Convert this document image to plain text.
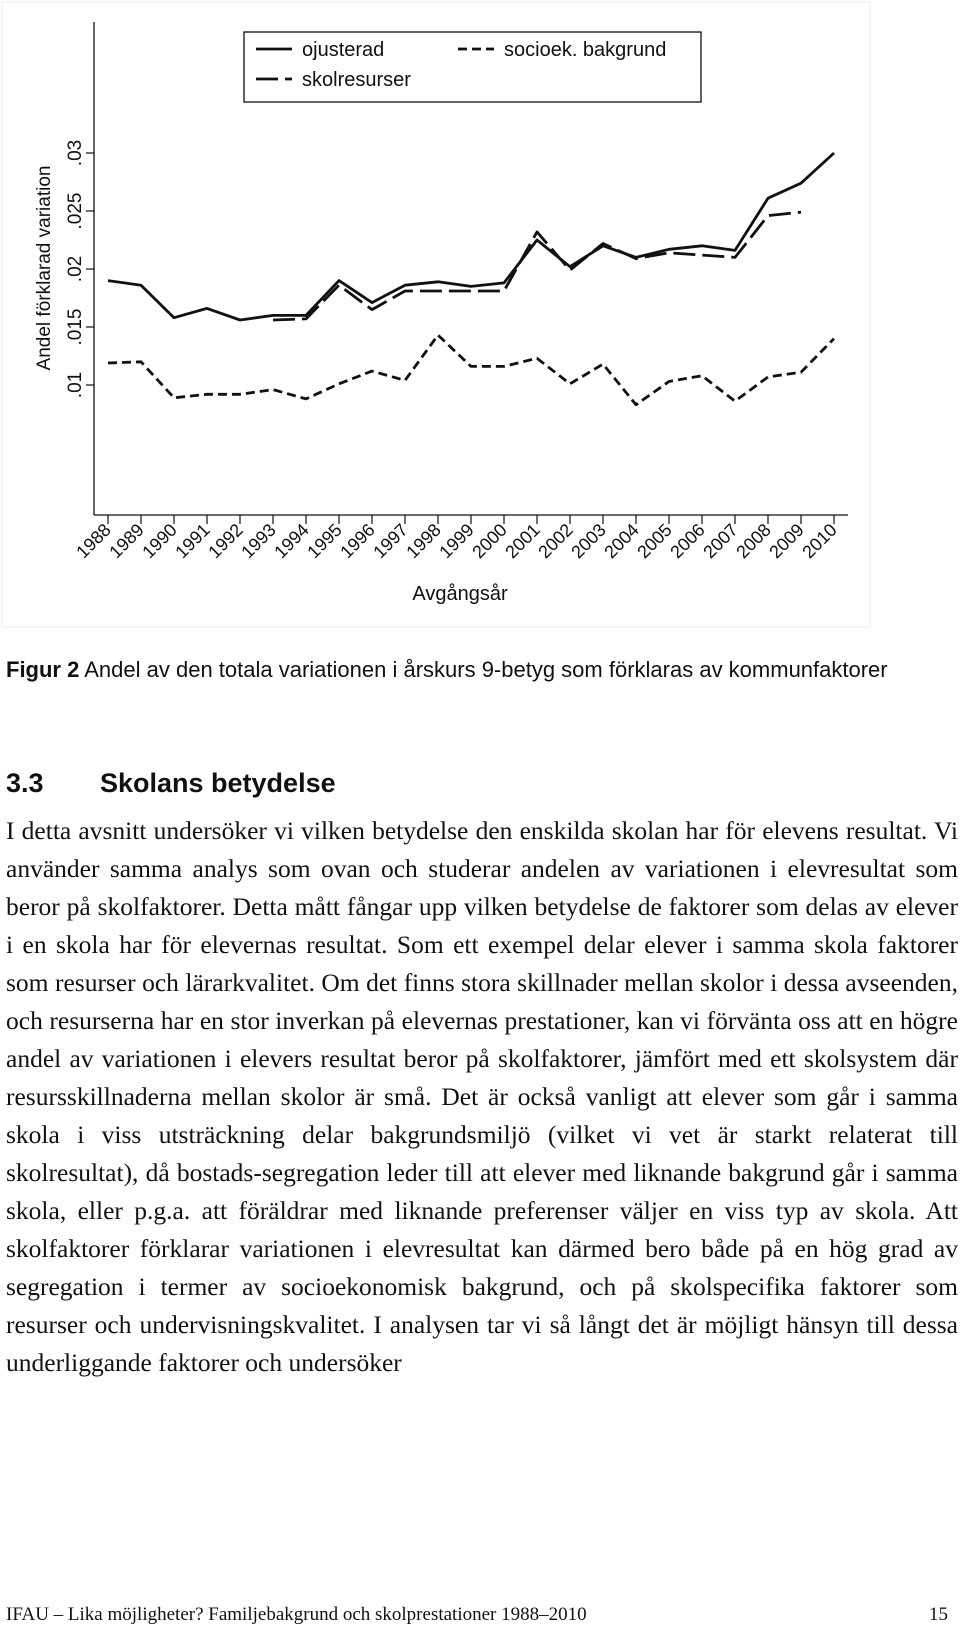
.01
.015
.02
.025
.03
Andel förklarad variation
1988
1989
1990
1991
1992
1993
1994
1995
1996
1997
1998
1999
2000
2001
2002
2003
2004
2005
2006
2007
2008
2009
2010
Avgångsår
ojusterad	socioek. bakgrund
skolresurser
Figur 2 Andel av den totala variationen i årskurs 9-betyg som förklaras av kommunfaktorer
3.3 Skolans betydelse

I detta avsnitt undersöker vi vilken betydelse den enskilda skolan har för elevens resultat. Vi använder samma analys som ovan och studerar andelen av variationen i elevresultat som beror på skolfaktorer. Detta mått fångar upp vilken betydelse de faktorer som delas av elever i en skola har för elevernas resultat. Som ett exempel delar elever i samma skola faktorer som resurser och lärarkvalitet. Om det finns stora skillnader mellan skolor i dessa avseenden, och resurserna har en stor inverkan på elevernas prestationer, kan vi förvänta oss att en högre andel av variationen i elevers resultat beror på skolfaktorer, jämfört med ett skolsystem där resursskillnaderna mellan skolor är små. Det är också vanligt att elever som går i samma skola i viss utsträckning delar bakgrundsmiljö (vilket vi vet är starkt relaterat till skolresultat), då bostads-segregation leder till att elever med liknande bakgrund går i samma skola, eller p.g.a. att föräldrar med liknande preferenser väljer en viss typ av skola. Att skolfaktorer förklarar variationen i elevresultat kan därmed bero både på en hög grad av segregation i termer av socioekonomisk bakgrund, och på skolspecifika faktorer som resurser och undervisningskvalitet. I analysen tar vi så långt det är möjligt hänsyn till dessa underliggande faktorer och undersöker

IFAU – Lika möjligheter? Familjebakgrund och skolprestationer 1988–2010	15
